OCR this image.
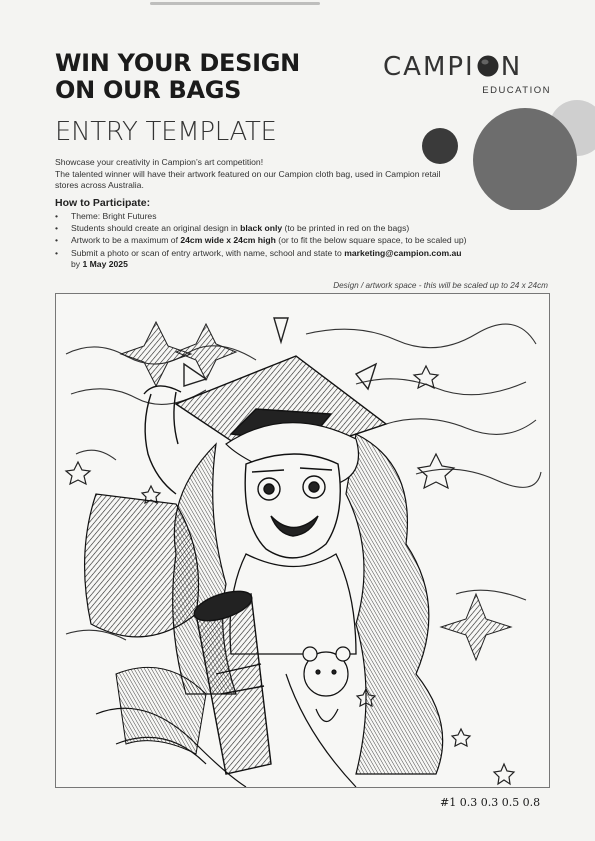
WIN YOUR DESIGN
ON OUR BAGS
ENTRY TEMPLATE
CAMPI N
EDUCATION

Showcase your creativity in Campion’s art competition!

The talented winner will have their artwork featured on our Campion cloth bag, used in Campion retail stores across Australia.

How to Participate:
• Theme: Bright Futures
• Students should create an original design in black only (to be printed in red on the bags)
• Artwork to be a maximum of 24cm wide x 24cm high (or to fit the below square space, to be scaled up)
• Submit a photo or scan of entry artwork, with name, school and state to marketing@campion.com.au
by 1 May 2025
Design / artwork space - this will be scaled up to 24 x 24cm
#1 0.3 0.3 0.5 0.8
